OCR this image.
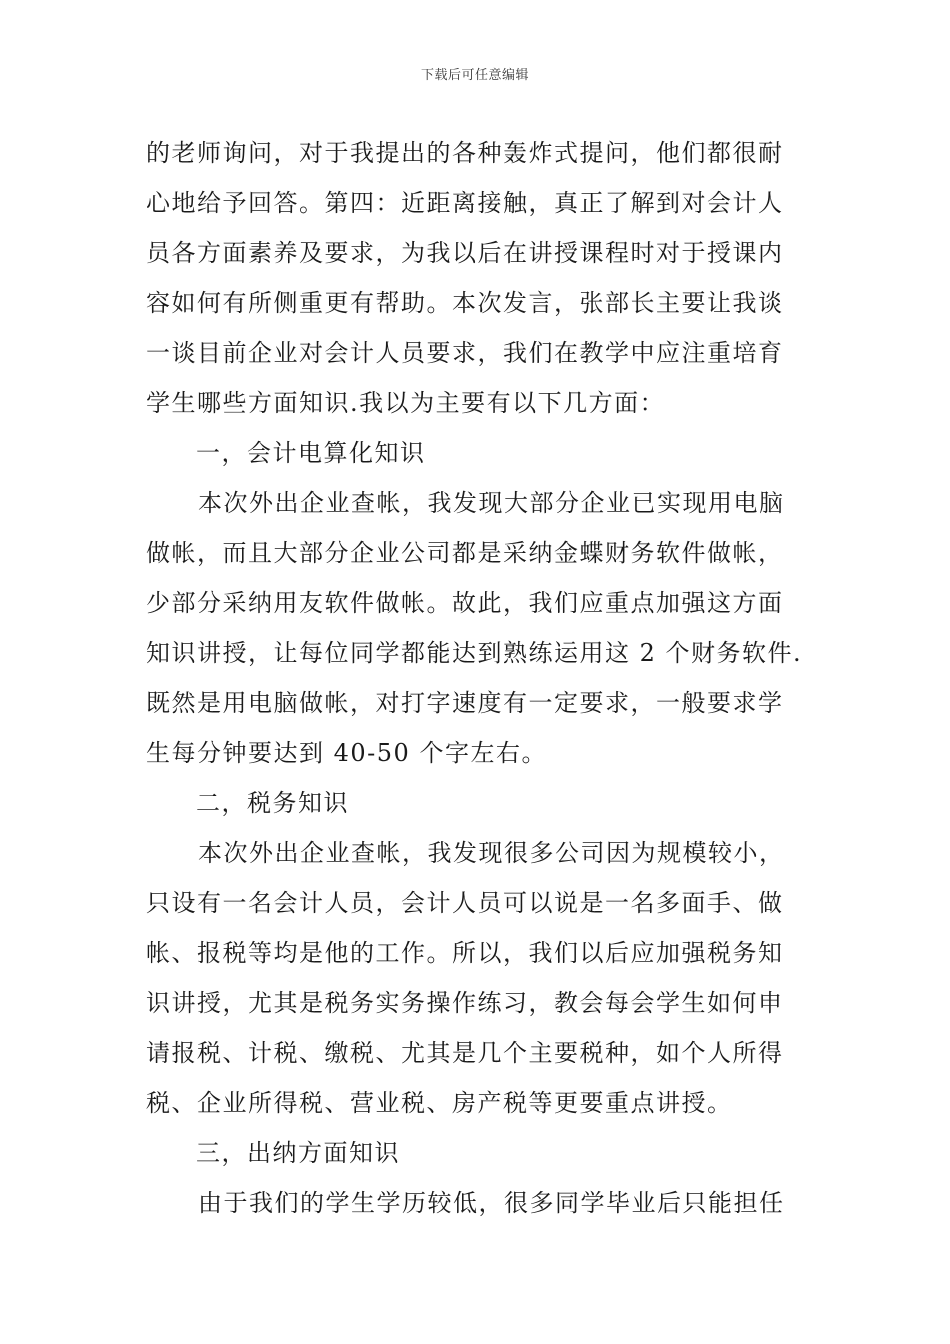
下载后可任意编辑
的老师询问，对于我提出的各种轰炸式提问，他们都很耐
心地给予回答。第四：近距离接触，真正了解到对会计人
员各方面素养及要求，为我以后在讲授课程时对于授课内
容如何有所侧重更有帮助。本次发言，张部长主要让我谈
一谈目前企业对会计人员要求，我们在教学中应注重培育
学生哪些方面知识.我以为主要有以下几方面：
一，会计电算化知识
本次外出企业查帐，我发现大部分企业已实现用电脑
做帐，而且大部分企业公司都是采纳金蝶财务软件做帐，
少部分采纳用友软件做帐。故此，我们应重点加强这方面
知识讲授，让每位同学都能达到熟练运用这 2 个财务软件.
既然是用电脑做帐，对打字速度有一定要求，一般要求学
生每分钟要达到 40-50 个字左右。
二，税务知识
本次外出企业查帐，我发现很多公司因为规模较小，
只设有一名会计人员，会计人员可以说是一名多面手、做
帐、报税等均是他的工作。所以，我们以后应加强税务知
识讲授，尤其是税务实务操作练习，教会每会学生如何申
请报税、计税、缴税、尤其是几个主要税种，如个人所得
税、企业所得税、营业税、房产税等更要重点讲授。
三，出纳方面知识
由于我们的学生学历较低，很多同学毕业后只能担任
